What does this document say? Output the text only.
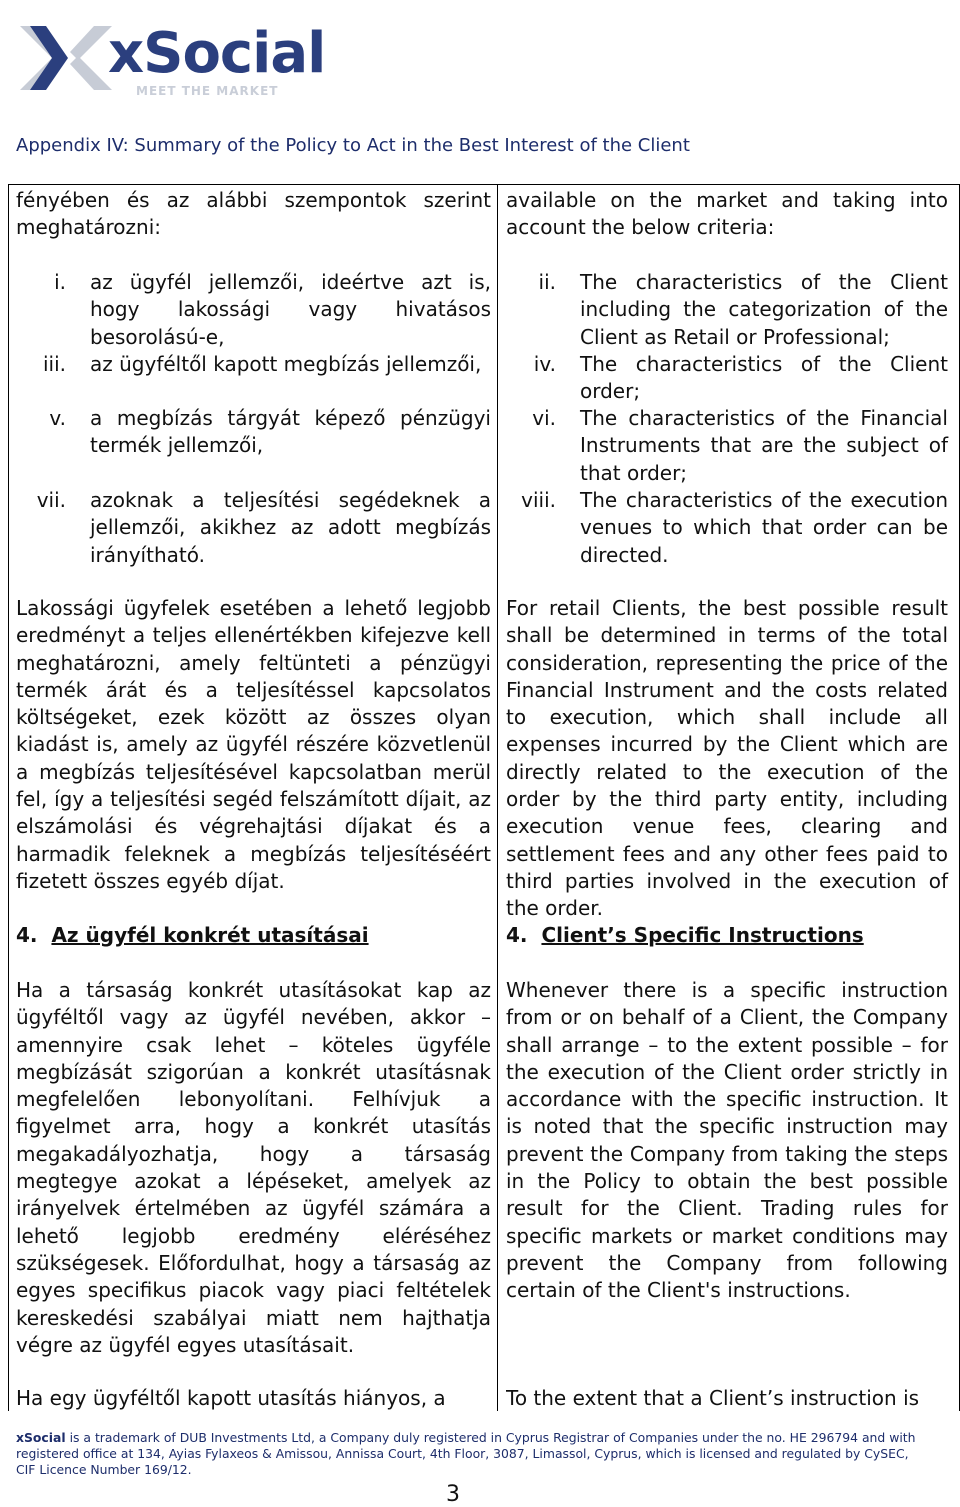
xSocial
MEET THE MARKET
Appendix IV: Summary of the Policy to Act in the Best Interest of the Client

fényében és az alábbi szempontok szerint meghatározni:

i. az ügyfél jellemzői, ideértve azt is, hogy lakossági vagy hivatásos besorolású-e,
iii. az ügyféltől kapott megbízás jellemzői,
v. a megbízás tárgyát képező pénzügyi termék jellemzői,
vii. azoknak a teljesítési segédeknek a jellemzői, akikhez az adott megbízás irányítható.

Lakossági ügyfelek esetében a lehető legjobb eredményt a teljes ellenértékben kifejezve kell meghatározni, amely feltünteti a pénzügyi termék árát és a teljesítéssel kapcsolatos költségeket, ezek között az összes olyan kiadást is, amely az ügyfél részére közvetlenül a megbízás teljesítésével kapcsolatban merül fel, így a teljesítési segéd felszámított díjait, az elszámolási és végrehajtási díjakat és a harmadik feleknek a megbízás teljesítéséért fizetett összes egyéb díjat.

4. Az ügyfél konkrét utasításai

Ha a társaság konkrét utasításokat kap az ügyféltől vagy az ügyfél nevében, akkor – amennyire csak lehet – köteles ügyféle megbízását szigorúan a konkrét utasításnak megfelelően lebonyolítani. Felhívjuk a figyelmet arra, hogy a konkrét utasítás megakadályozhatja, hogy a társaság megtegye azokat a lépéseket, amelyek az irányelvek értelmében az ügyfél számára a lehető legjobb eredmény eléréséhez szükségesek. Előfordulhat, hogy a társaság az egyes specifikus piacok vagy piaci feltételek kereskedési szabályai miatt nem hajthatja végre az ügyfél egyes utasításait.

Ha egy ügyféltől kapott utasítás hiányos, a

available on the market and taking into account the below criteria:

ii. The characteristics of the Client including the categorization of the Client as Retail or Professional;
iv. The characteristics of the Client order;
vi. The characteristics of the Financial Instruments that are the subject of that order;
viii. The characteristics of the execution venues to which that order can be directed.

For retail Clients, the best possible result shall be determined in terms of the total consideration, representing the price of the Financial Instrument and the costs related to execution, which shall include all expenses incurred by the Client which are directly related to the execution of the order by the third party entity, including execution venue fees, clearing and settlement fees and any other fees paid to third parties involved in the execution of the order.

4. Client’s Specific Instructions

Whenever there is a specific instruction from or on behalf of a Client, the Company shall arrange – to the extent possible – for the execution of the Client order strictly in accordance with the specific instruction. It is noted that the specific instruction may prevent the Company from taking the steps in the Policy to obtain the best possible result for the Client. Trading rules for specific markets or market conditions may prevent the Company from following certain of the Client's instructions.

To the extent that a Client’s instruction is
xSocial is a trademark of DUB Investments Ltd, a Company duly registered in Cyprus Registrar of Companies under the no. HE 296794 and with registered office at 134, Ayias Fylaxeos & Amissou, Annissa Court, 4th Floor, 3087, Limassol, Cyprus, which is licensed and regulated by CySEC, CIF Licence Number 169/12.
3
